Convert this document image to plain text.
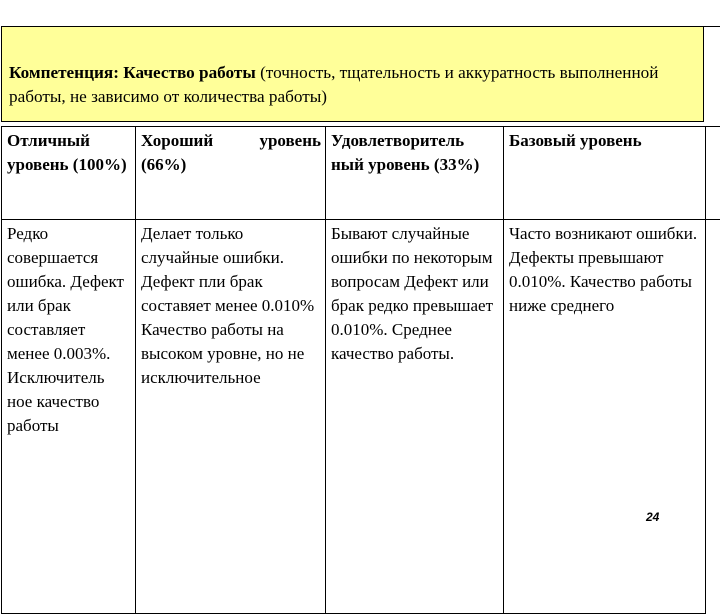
Компетенция: Качество работы (точность, тщательность и аккуратность выполненной работы, не зависимо от количества работы)
Отличный уровень (100%)	Хороший уровень (66%)	Удовлетворитель ный уровень (33%)	Базовый уровень
Редко совершается ошибка. Дефект или брак составляет менее 0.003%. Исключитель ное качество работы	Делает только случайные ошибки. Дефект пли брак составяет менее 0.010% Качество работы на высоком уровне, но не исключительное	Бывают случайные ошибки по некоторым вопросам Дефект или брак редко превышает 0.010%. Среднее качество работы.	Часто возникают ошибки. Дефекты превышают 0.010%. Качество работы ниже среднего
24
